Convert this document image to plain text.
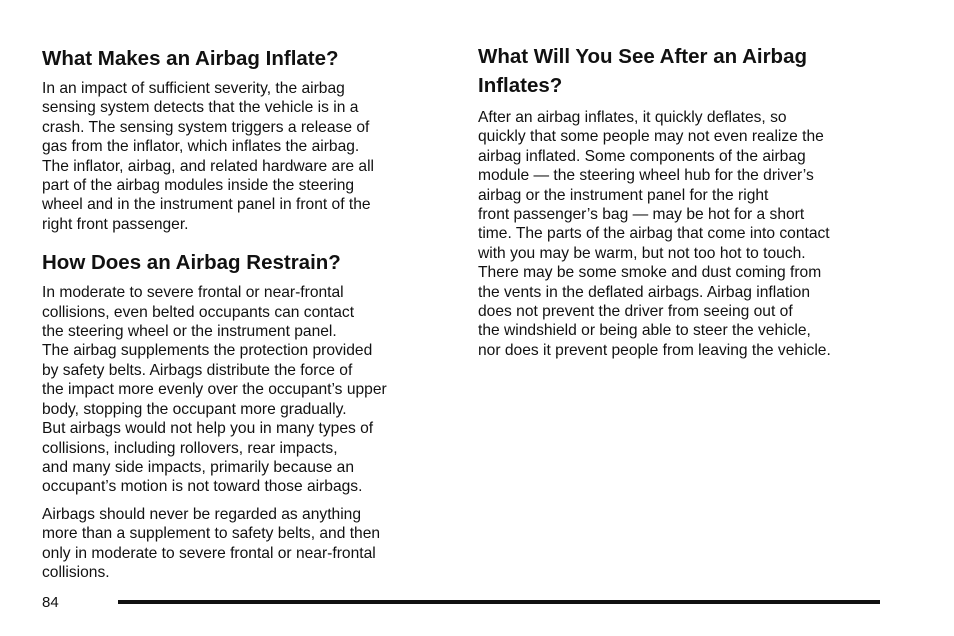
What Makes an Airbag Inflate?

In an impact of sufficient severity, the airbag
sensing system detects that the vehicle is in a
crash. The sensing system triggers a release of
gas from the inflator, which inflates the airbag.
The inflator, airbag, and related hardware are all
part of the airbag modules inside the steering
wheel and in the instrument panel in front of the
right front passenger.

How Does an Airbag Restrain?

In moderate to severe frontal or near-frontal
collisions, even belted occupants can contact
the steering wheel or the instrument panel.
The airbag supplements the protection provided
by safety belts. Airbags distribute the force of
the impact more evenly over the occupant’s upper
body, stopping the occupant more gradually.
But airbags would not help you in many types of
collisions, including rollovers, rear impacts,
and many side impacts, primarily because an
occupant’s motion is not toward those airbags.

Airbags should never be regarded as anything
more than a supplement to safety belts, and then
only in moderate to severe frontal or near-frontal
collisions.

What Will You See After an Airbag
Inflates?

After an airbag inflates, it quickly deflates, so
quickly that some people may not even realize the
airbag inflated. Some components of the airbag
module — the steering wheel hub for the driver’s
airbag or the instrument panel for the right
front passenger’s bag — may be hot for a short
time. The parts of the airbag that come into contact
with you may be warm, but not too hot to touch.
There may be some smoke and dust coming from
the vents in the deflated airbags. Airbag inflation
does not prevent the driver from seeing out of
the windshield or being able to steer the vehicle,
nor does it prevent people from leaving the vehicle.

84
